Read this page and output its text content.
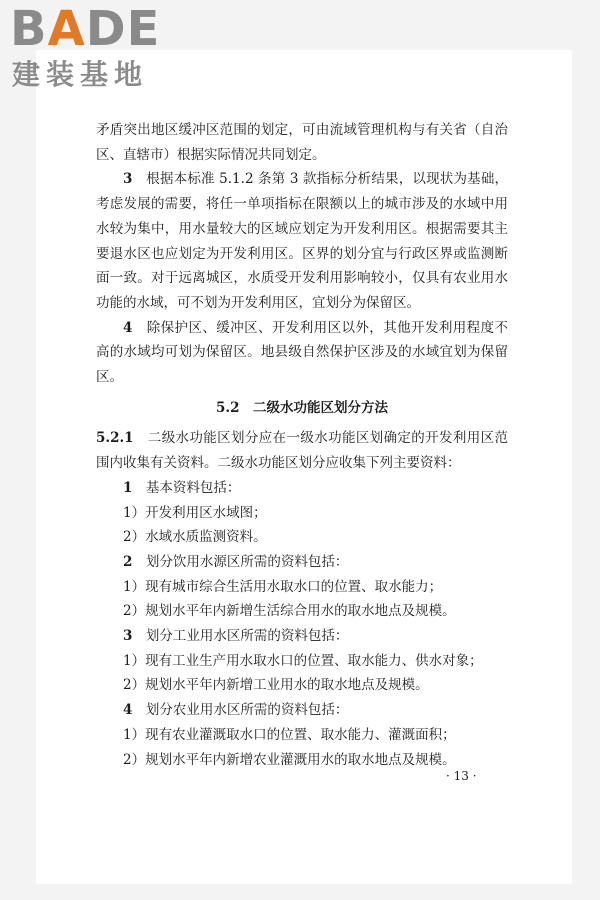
BADE
建装基地

矛盾突出地区缓冲区范围的划定，可由流域管理机构与有关省（自治区、直辖市）根据实际情况共同划定。

3　 根据本标准 5.1.2 条第 3 款指标分析结果，以现状为基础，考虑发展的需要，将任一单项指标在限额以上的城市涉及的水域中用水较为集中，用水量较大的区域应划定为开发利用区。根据需要其主要退水区也应划定为开发利用区。区界的划分宜与行政区界或监测断面一致。对于远离城区，水质受开发利用影响较小，仅具有农业用水功能的水域，可不划为开发利用区，宜划分为保留区。

4　 除保护区、缓冲区、开发利用区以外，其他开发利用程度不高的水域均可划为保留区。地县级自然保护区涉及的水域宜划为保留区。

5.2　 二级水功能区划分方法

5.2.1　 二级水功能区划分应在一级水功能区划确定的开发利用区范围内收集有关资料。二级水功能区划分应收集下列主要资料：

1　 基本资料包括：

1）开发利用区水域图；

2）水域水质监测资料。

2　 划分饮用水源区所需的资料包括：

1）现有城市综合生活用水取水口的位置、取水能力；

2）规划水平年内新增生活综合用水的取水地点及规模。

3　 划分工业用水区所需的资料包括：

1）现有工业生产用水取水口的位置、取水能力、供水对象；

2）规划水平年内新增工业用水的取水地点及规模。

4　 划分农业用水区所需的资料包括：

1）现有农业灌溉取水口的位置、取水能力、灌溉面积；

2）规划水平年内新增农业灌溉用水的取水地点及规模。

· 13 ·
